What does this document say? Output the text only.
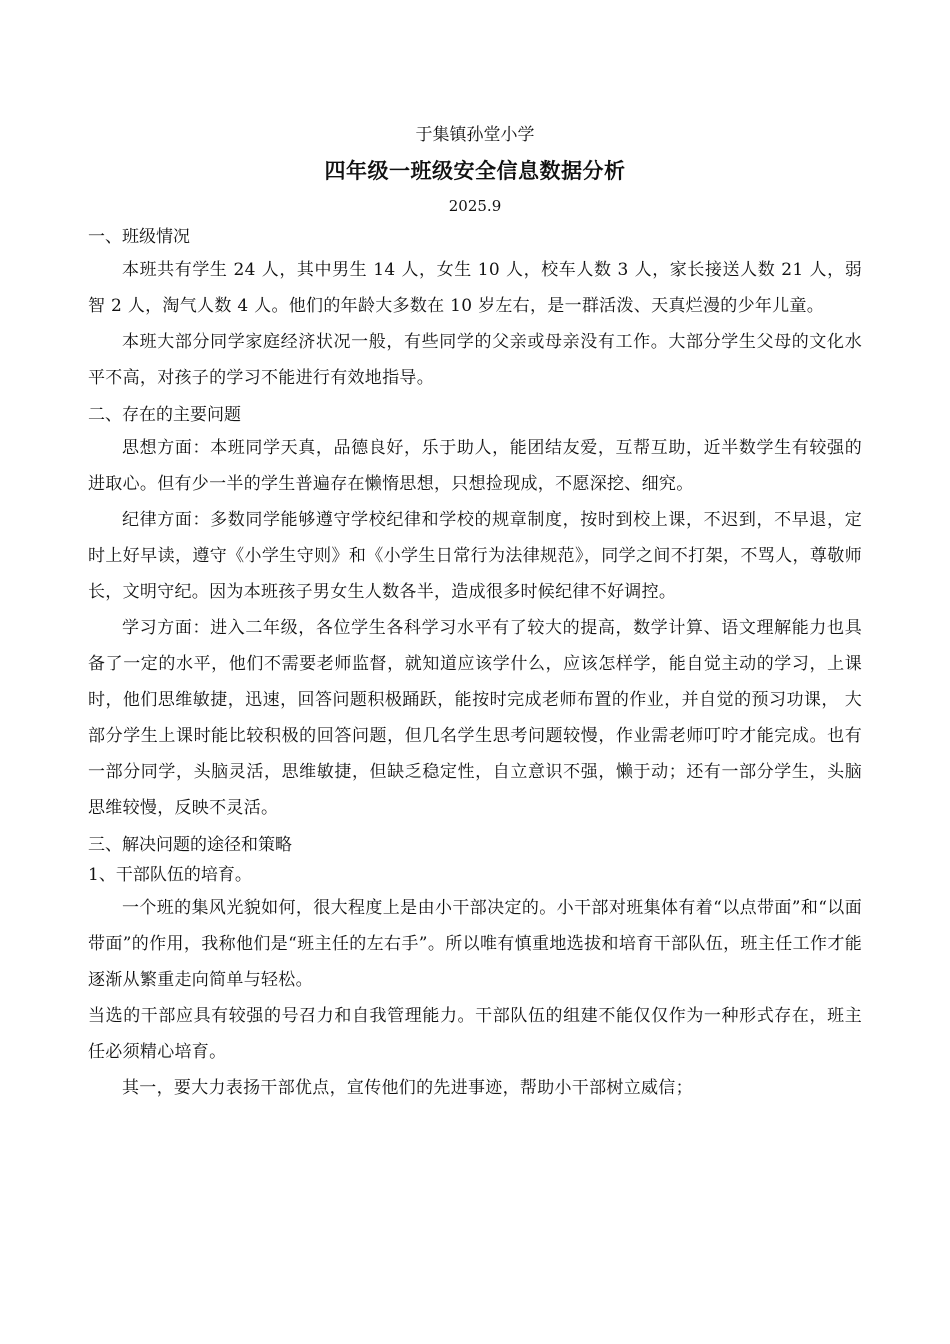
于集镇孙堂小学

四年级一班级安全信息数据分析

2025.9

一、班级情况

本班共有学生 24 人，其中男生 14 人，女生 10 人，校车人数 3 人，家长接送人数 21 人，弱智 2 人，淘气人数 4 人。他们的年龄大多数在 10 岁左右，是一群活泼、天真烂漫的少年儿童。

本班大部分同学家庭经济状况一般，有些同学的父亲或母亲没有工作。大部分学生父母的文化水平不高，对孩子的学习不能进行有效地指导。

二、存在的主要问题

思想方面：本班同学天真，品德良好，乐于助人，能团结友爱，互帮互助，近半数学生有较强的进取心。但有少一半的学生普遍存在懒惰思想，只想捡现成，不愿深挖、细究。

纪律方面：多数同学能够遵守学校纪律和学校的规章制度，按时到校上课，不迟到，不早退，定时上好早读，遵守《小学生守则》和《小学生日常行为法律规范》，同学之间不打架，不骂人，尊敬师长，文明守纪。因为本班孩子男女生人数各半，造成很多时候纪律不好调控。

学习方面：进入二年级，各位学生各科学习水平有了较大的提高，数学计算、语文理解能力也具备了一定的水平，他们不需要老师监督，就知道应该学什么，应该怎样学，能自觉主动的学习，上课时，他们思维敏捷，迅速，回答问题积极踊跃，能按时完成老师布置的作业，并自觉的预习功课， 大部分学生上课时能比较积极的回答问题，但几名学生思考问题较慢，作业需老师叮咛才能完成。也有一部分同学，头脑灵活，思维敏捷，但缺乏稳定性，自立意识不强，懒于动；还有一部分学生，头脑思维较慢，反映不灵活。

三、解决问题的途径和策略

1、干部队伍的培育。

一个班的集风光貌如何，很大程度上是由小干部决定的。小干部对班集体有着“以点带面”和“以面带面”的作用，我称他们是“班主任的左右手”。所以唯有慎重地选拔和培育干部队伍，班主任工作才能逐渐从繁重走向简单与轻松。

当选的干部应具有较强的号召力和自我管理能力。干部队伍的组建不能仅仅作为一种形式存在，班主任必须精心培育。

其一，要大力表扬干部优点，宣传他们的先进事迹，帮助小干部树立威信；
